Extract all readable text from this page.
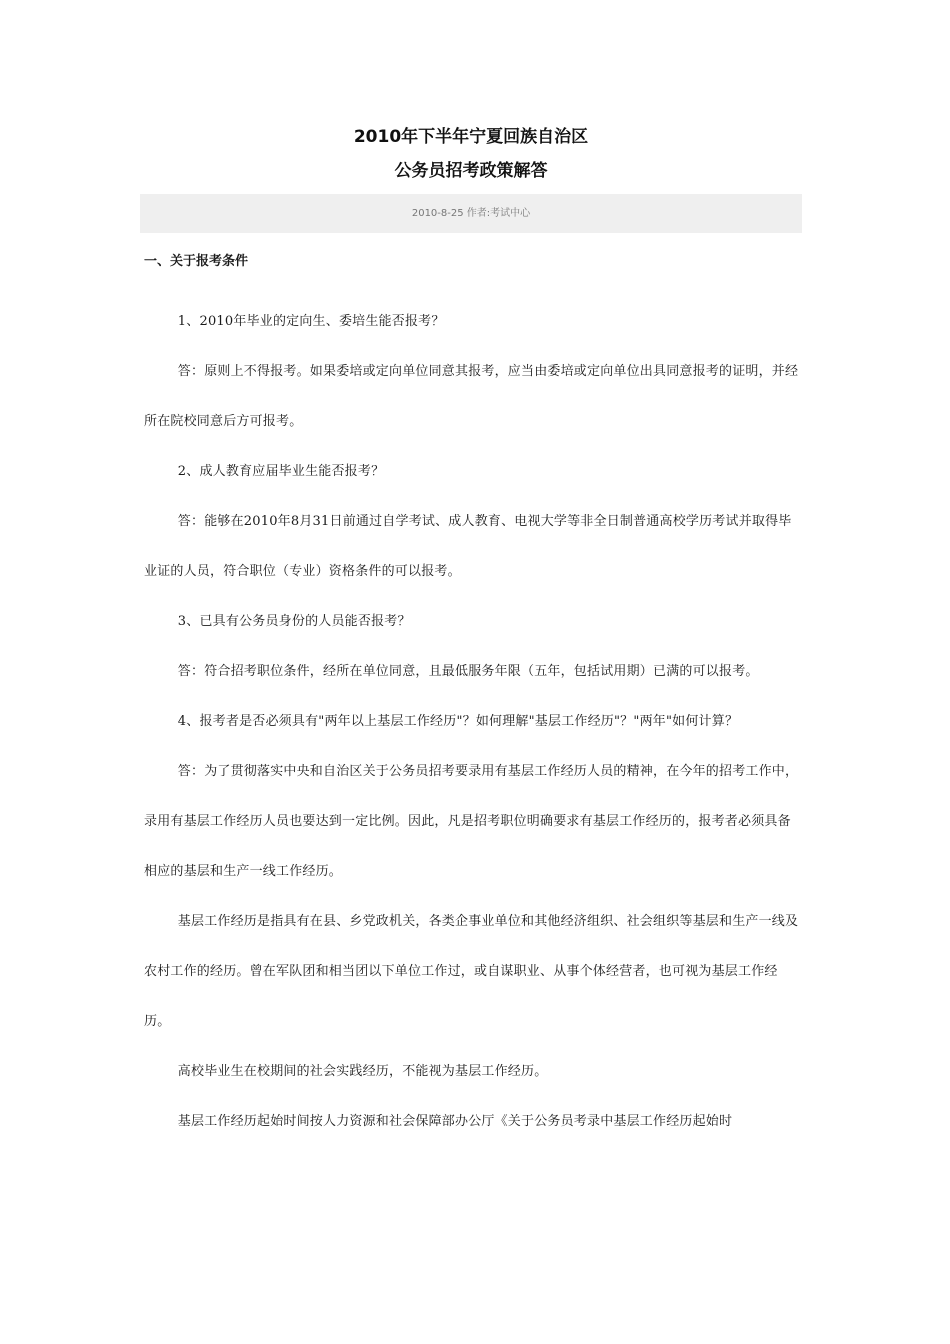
2010年下半年宁夏回族自治区
公务员招考政策解答
2010-8-25 作者:考试中心
一、关于报考条件

1、2010年毕业的定向生、委培生能否报考？

答：原则上不得报考。如果委培或定向单位同意其报考，应当由委培或定向单位出具同意报考的证明，并经所在院校同意后方可报考。

2、成人教育应届毕业生能否报考？

答：能够在2010年8月31日前通过自学考试、成人教育、电视大学等非全日制普通高校学历考试并取得毕业证的人员，符合职位（专业）资格条件的可以报考。

3、已具有公务员身份的人员能否报考？

答：符合招考职位条件，经所在单位同意，且最低服务年限（五年，包括试用期）已满的可以报考。

4、报考者是否必须具有"两年以上基层工作经历"？如何理解"基层工作经历"？"两年"如何计算？

答：为了贯彻落实中央和自治区关于公务员招考要录用有基层工作经历人员的精神，在今年的招考工作中，录用有基层工作经历人员也要达到一定比例。因此，凡是招考职位明确要求有基层工作经历的，报考者必须具备相应的基层和生产一线工作经历。

基层工作经历是指具有在县、乡党政机关，各类企事业单位和其他经济组织、社会组织等基层和生产一线及农村工作的经历。曾在军队团和相当团以下单位工作过，或自谋职业、从事个体经营者，也可视为基层工作经历。

高校毕业生在校期间的社会实践经历，不能视为基层工作经历。

基层工作经历起始时间按人力资源和社会保障部办公厅《关于公务员考录中基层工作经历起始时
